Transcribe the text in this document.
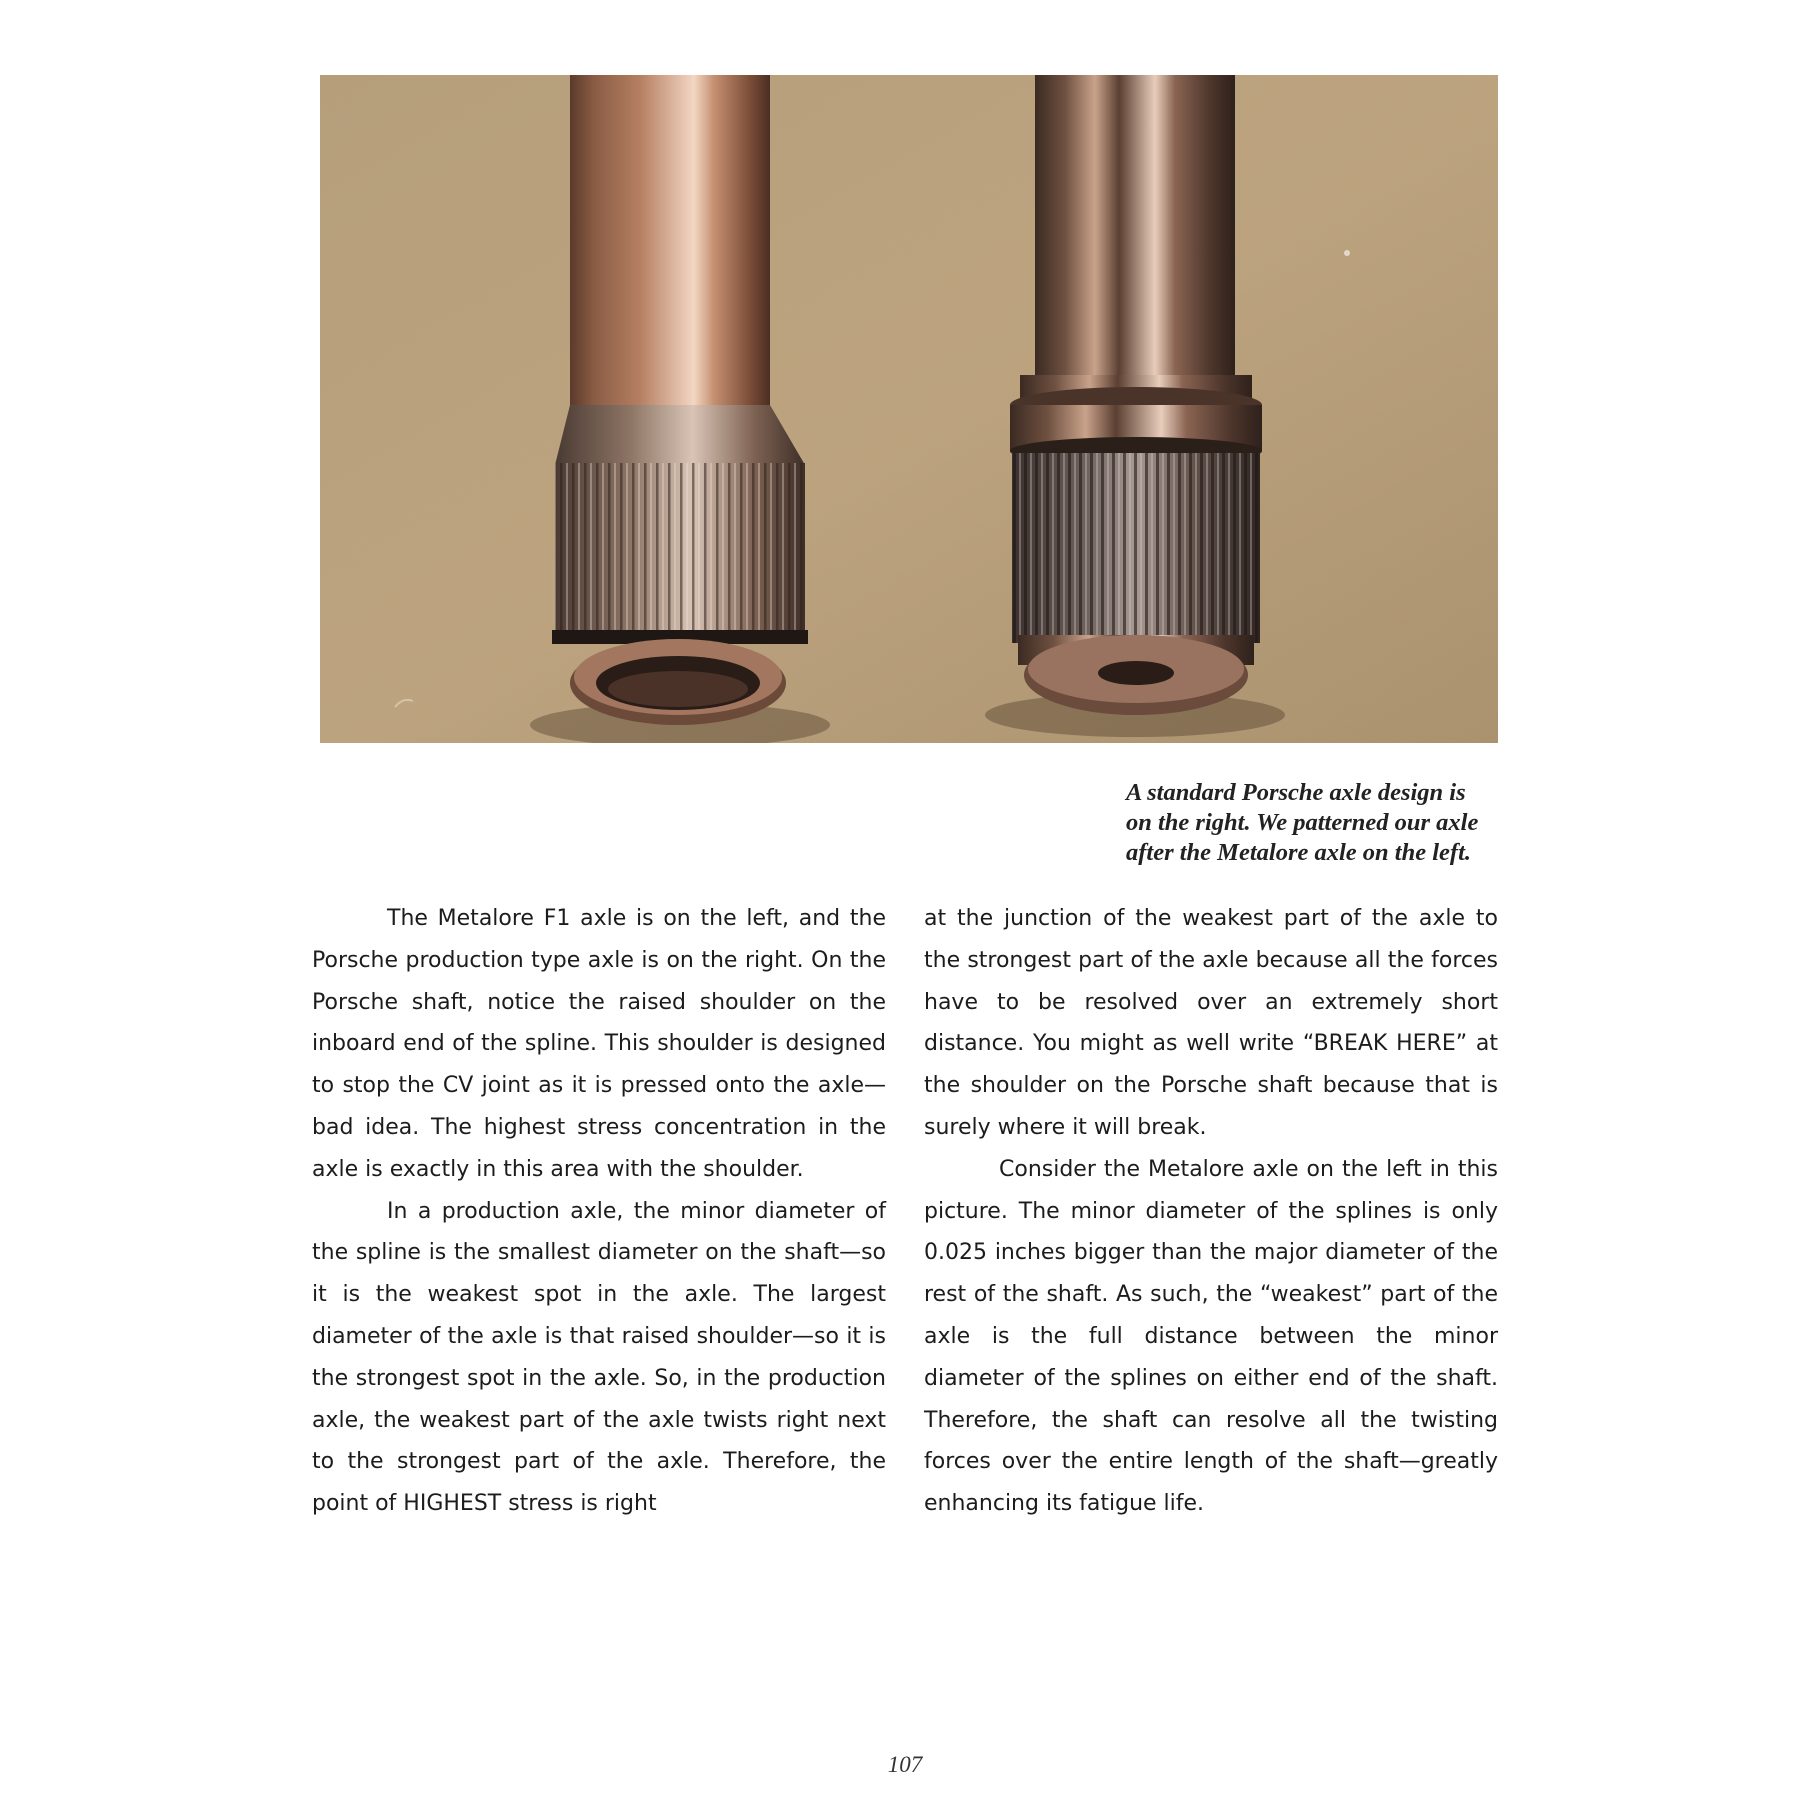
A standard Porsche axle design is
on the right. We patterned our axle
after the Metalore axle on the left.

The Metalore F1 axle is on the left, and the Porsche production type axle is on the right. On the Porsche shaft, notice the raised shoulder on the inboard end of the spline. This shoulder is designed to stop the CV joint as it is pressed onto the axle—bad idea. The highest stress concentration in the axle is exactly in this area with the shoulder.

In a production axle, the minor diameter of the spline is the smallest diameter on the shaft—so it is the weakest spot in the axle. The largest diameter of the axle is that raised shoulder—so it is the strongest spot in the axle. So, in the production axle, the weakest part of the axle twists right next to the strongest part of the axle. Therefore, the point of HIGHEST stress is right

at the junction of the weakest part of the axle to the strongest part of the axle because all the forces have to be resolved over an extremely short distance. You might as well write “BREAK HERE” at the shoulder on the Porsche shaft because that is surely where it will break.

Consider the Metalore axle on the left in this picture. The minor diameter of the splines is only 0.025 inches bigger than the major diameter of the rest of the shaft. As such, the “weakest” part of the axle is the full distance between the minor diameter of the splines on either end of the shaft. Therefore, the shaft can resolve all the twisting forces over the entire length of the shaft—greatly enhancing its fatigue life.

107
